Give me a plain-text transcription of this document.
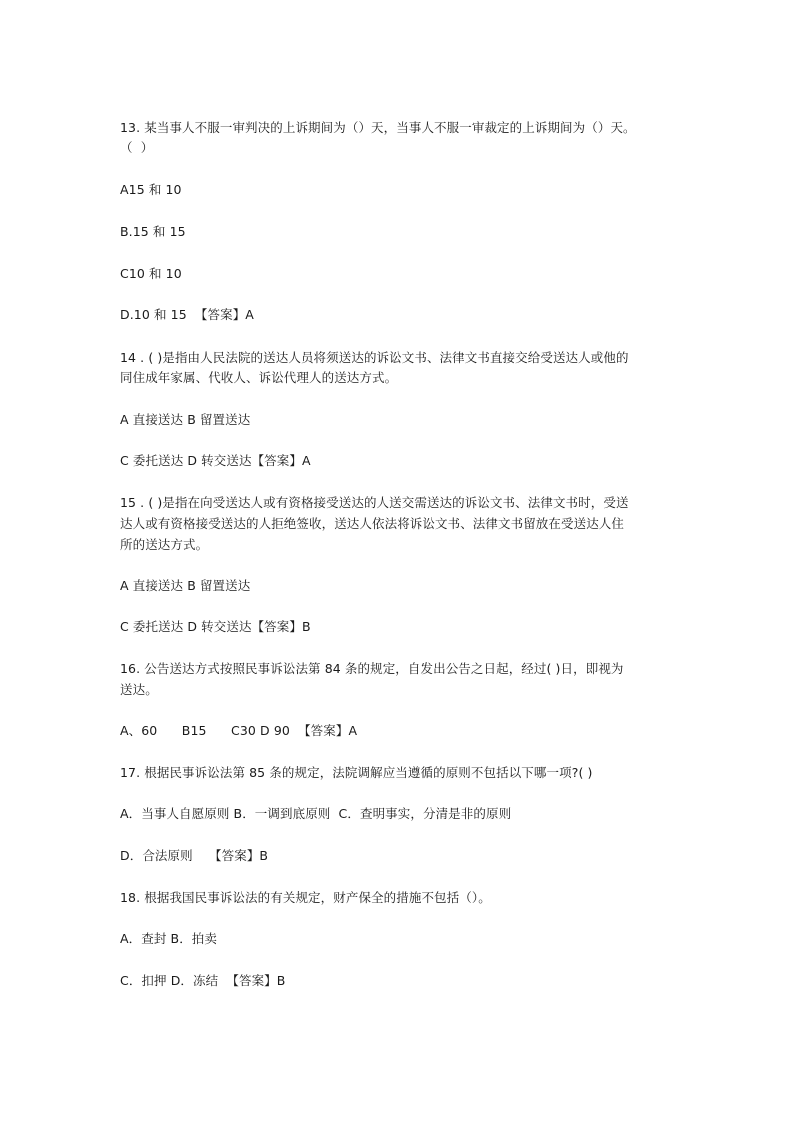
13. 某当事人不服一审判决的上诉期间为（）天，当事人不服一审裁定的上诉期间为（）天。
（  ）
A15 和 10
B.15 和 15
C10 和 10
D.10 和 15  【答案】A
14 . ( )是指由人民法院的送达人员将须送达的诉讼文书、法律文书直接交给受送达人或他的
同住成年家属、代收人、诉讼代理人的送达方式。
A 直接送达 B 留置送达
C 委托送达 D 转交送达【答案】A
15 . ( )是指在向受送达人或有资格接受送达的人送交需送达的诉讼文书、法律文书时，受送
达人或有资格接受送达的人拒绝签收，送达人依法将诉讼文书、法律文书留放在受送达人住
所的送达方式。
A 直接送达 B 留置送达
C 委托送达 D 转交送达【答案】B
16. 公告送达方式按照民事诉讼法第 84 条的规定，自发出公告之日起，经过( )日，即视为
送达。
A、60      B15      C30 D 90  【答案】A
17. 根据民事诉讼法第 85 条的规定，法院调解应当遵循的原则不包括以下哪一项?( )
A．当事人自愿原则 B．一调到底原则  C．查明事实，分清是非的原则
D．合法原则    【答案】B
18. 根据我国民事诉讼法的有关规定，财产保全的措施不包括（）。
A．查封 B．拍卖
C．扣押 D．冻结  【答案】B
